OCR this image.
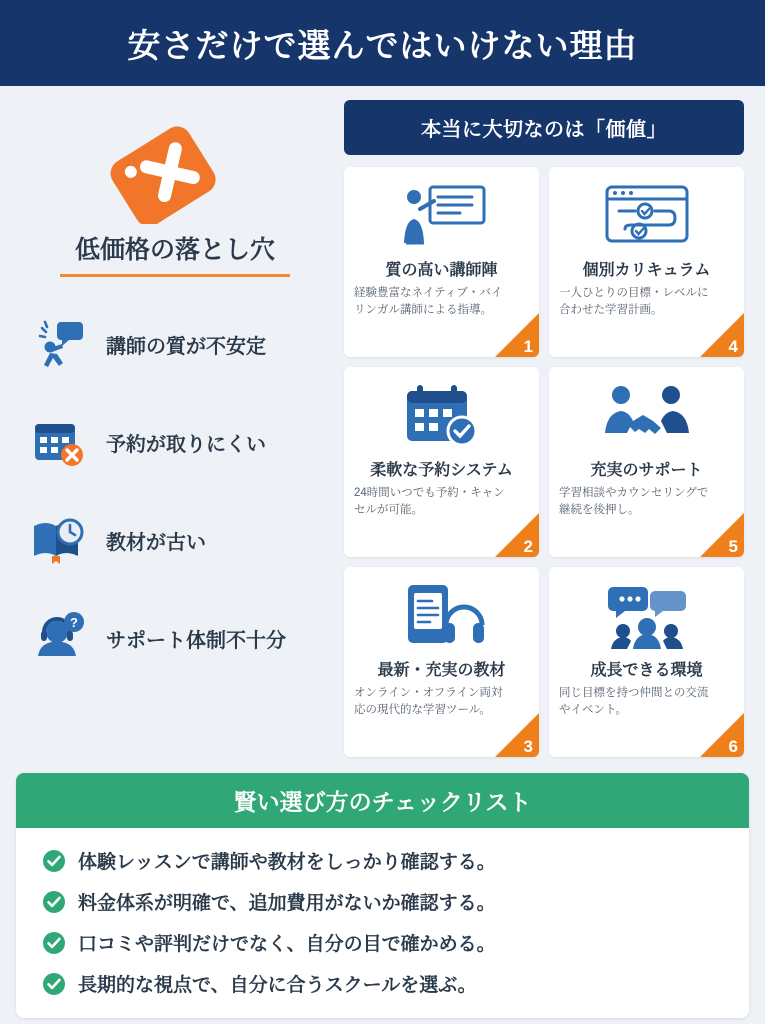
安さだけで選んではいけない理由
低価格の落とし穴
講師の質が不安定
予約が取りにくい
教材が古い
?
サポート体制不十分
本当に大切なのは「価値」
質の高い講師陣
経験豊富なネイティブ・バイリンガル講師による指導。
1
個別カリキュラム
一人ひとりの目標・レベルに合わせた学習計画。
4
柔軟な予約システム
24時間いつでも予約・キャンセルが可能。
2
充実のサポート
学習相談やカウンセリングで継続を後押し。
5
最新・充実の教材
オンライン・オフライン両対応の現代的な学習ツール。
3
成長できる環境
同じ目標を持つ仲間との交流やイベント。
6
賢い選び方のチェックリスト
体験レッスンで講師や教材をしっかり確認する。
料金体系が明確で、追加費用がないか確認する。
口コミや評判だけでなく、自分の目で確かめる。
長期的な視点で、自分に合うスクールを選ぶ。
